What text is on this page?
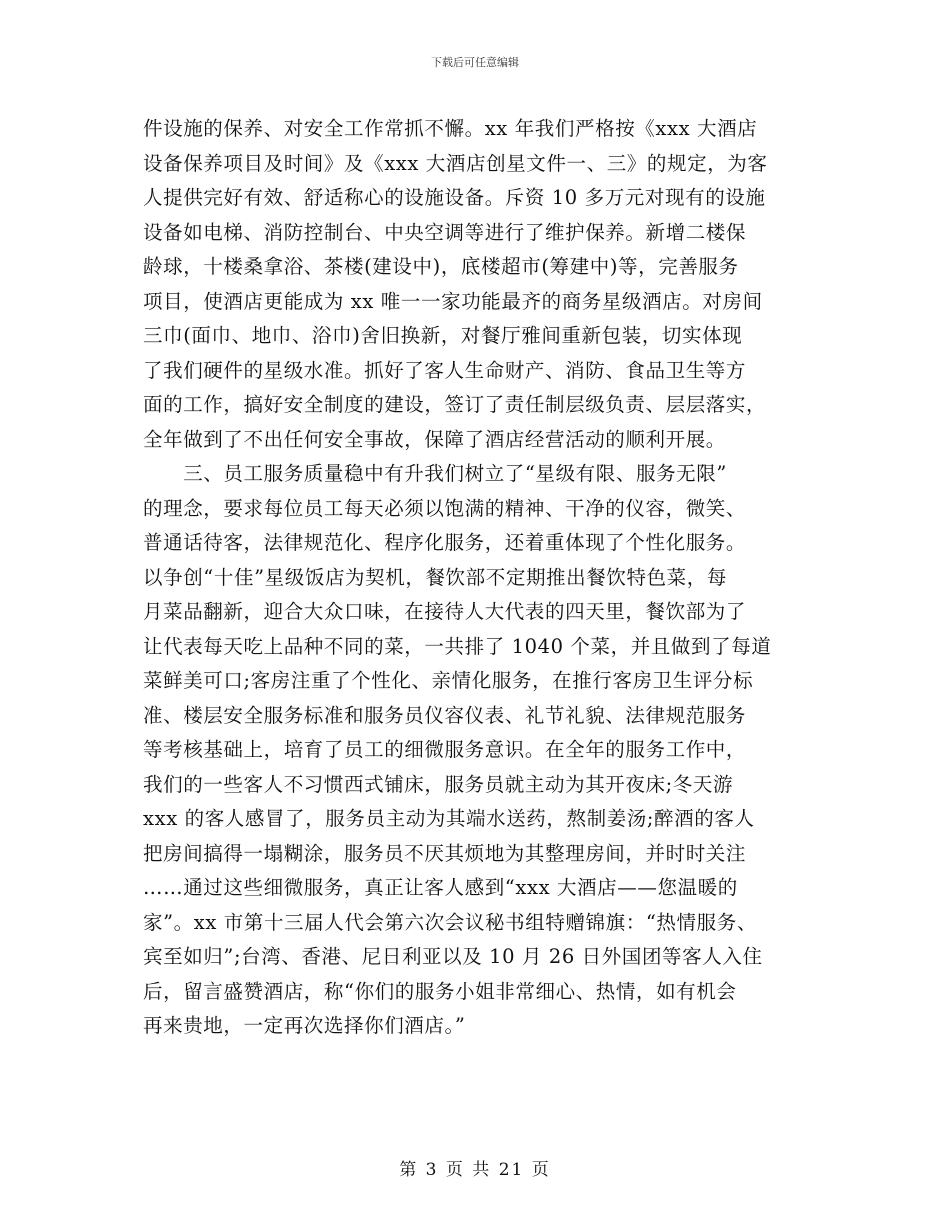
下载后可任意编辑
件设施的保养、对安全工作常抓不懈。xx 年我们严格按《xxx 大酒店
设备保养项目及时间》及《xxx 大酒店创星文件一、三》的规定，为客
人提供完好有效、舒适称心的设施设备。斥资 10 多万元对现有的设施
设备如电梯、消防控制台、中央空调等进行了维护保养。新增二楼保
龄球，十楼桑拿浴、茶楼(建设中)，底楼超市(筹建中)等，完善服务
项目，使酒店更能成为 xx 唯一一家功能最齐的商务星级酒店。对房间
三巾(面巾、地巾、浴巾)舍旧换新，对餐厅雅间重新包装，切实体现
了我们硬件的星级水准。抓好了客人生命财产、消防、食品卫生等方
面的工作，搞好安全制度的建设，签订了责任制层级负责、层层落实，
全年做到了不出任何安全事故，保障了酒店经营活动的顺利开展。
　　三、员工服务质量稳中有升我们树立了“星级有限、服务无限”
的理念，要求每位员工每天必须以饱满的精神、干净的仪容，微笑、
普通话待客，法律规范化、程序化服务，还着重体现了个性化服务。
以争创“十佳”星级饭店为契机，餐饮部不定期推出餐饮特色菜，每
月菜品翻新，迎合大众口味，在接待人大代表的四天里，餐饮部为了
让代表每天吃上品种不同的菜，一共排了 1040 个菜，并且做到了每道
菜鲜美可口;客房注重了个性化、亲情化服务，在推行客房卫生评分标
准、楼层安全服务标准和服务员仪容仪表、礼节礼貌、法律规范服务
等考核基础上，培育了员工的细微服务意识。在全年的服务工作中，
我们的一些客人不习惯西式铺床，服务员就主动为其开夜床;冬天游
xxx 的客人感冒了，服务员主动为其端水送药，熬制姜汤;醉酒的客人
把房间搞得一塌糊涂，服务员不厌其烦地为其整理房间，并时时关注
……通过这些细微服务，真正让客人感到“xxx 大酒店——您温暖的
家”。xx 市第十三届人代会第六次会议秘书组特赠锦旗：“热情服务、
宾至如归”;台湾、香港、尼日利亚以及 10 月 26 日外国团等客人入住
后，留言盛赞酒店，称“你们的服务小姐非常细心、热情，如有机会
再来贵地，一定再次选择你们酒店。”
第 3 页 共 21 页
